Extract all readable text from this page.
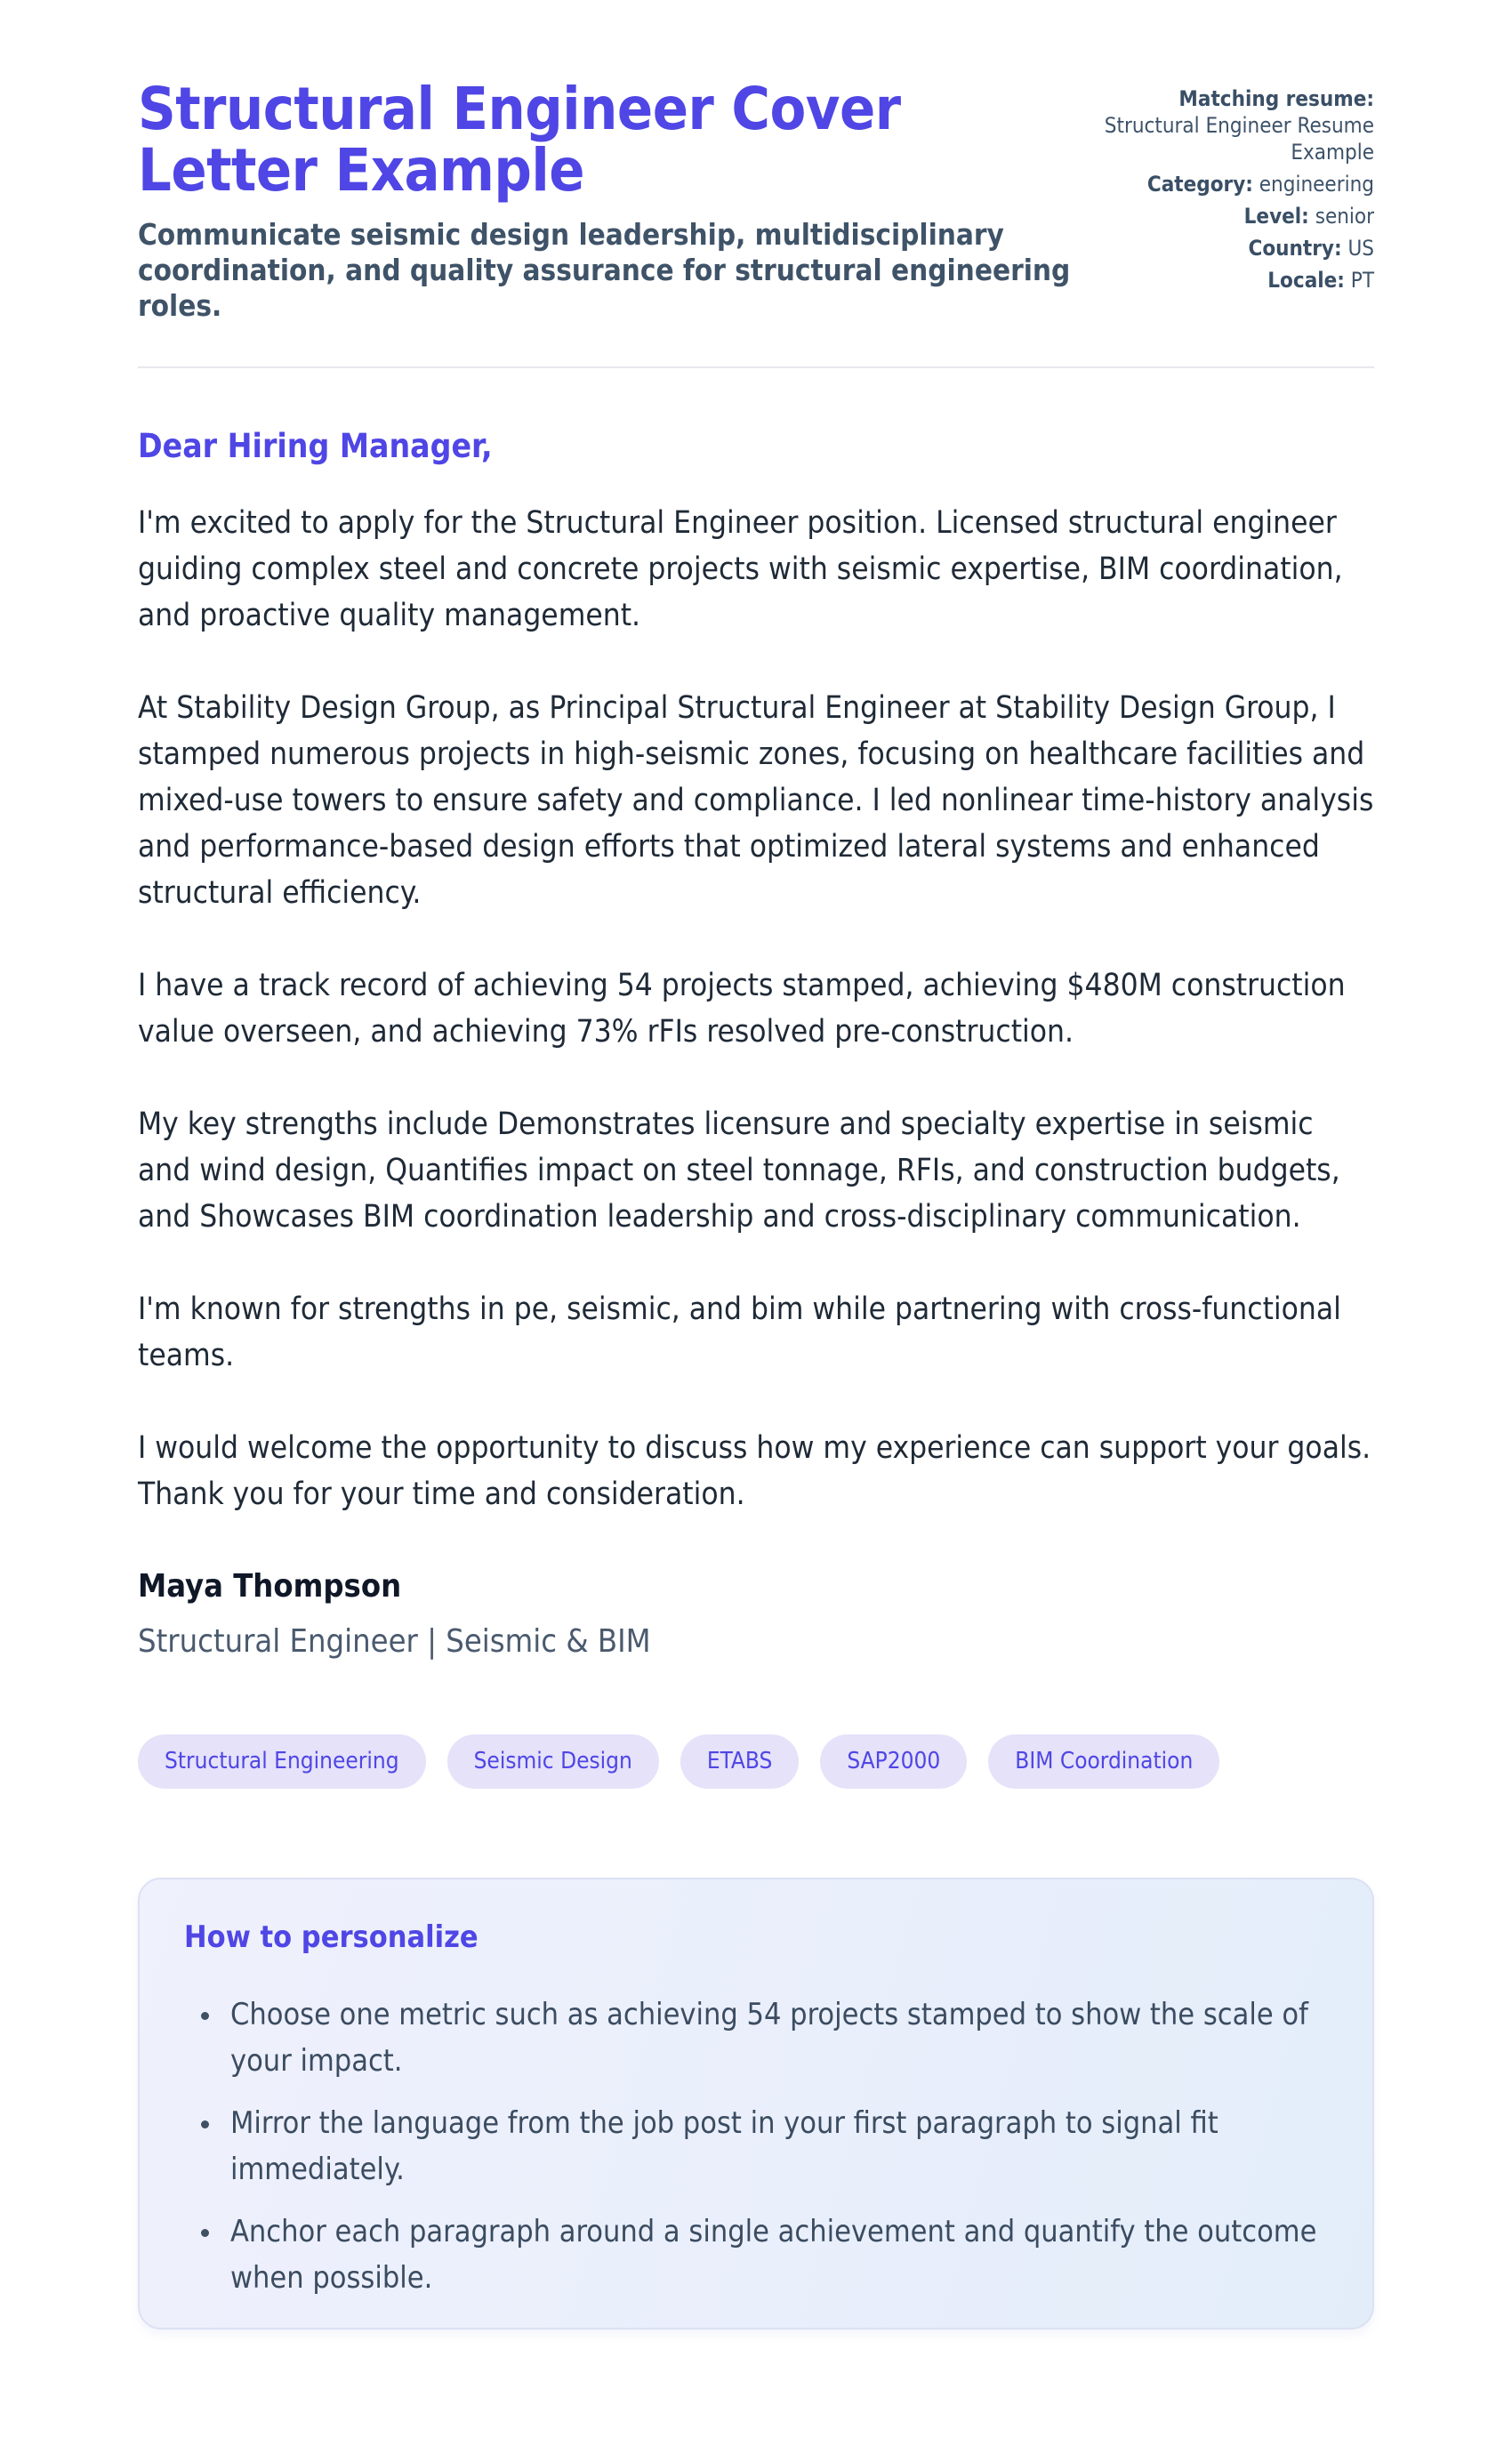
Structural Engineer Cover Letter Example

Communicate seismic design leadership, multidisciplinary coordination, and quality assurance for structural engineering roles.

Matching resume: Structural Engineer Resume Example
Category: engineering
Level: senior
Country: US
Locale: PT

Dear Hiring Manager,

I'm excited to apply for the Structural Engineer position. Licensed structural engineer guiding complex steel and concrete projects with seismic expertise, BIM coordination, and proactive quality management.

At Stability Design Group, as Principal Structural Engineer at Stability Design Group, I stamped numerous projects in high-seismic zones, focusing on healthcare facilities and mixed-use towers to ensure safety and compliance. I led nonlinear time-history analysis and performance-based design efforts that optimized lateral systems and enhanced structural efficiency.

I have a track record of achieving 54 projects stamped, achieving $480M construction value overseen, and achieving 73% rFIs resolved pre-construction.

My key strengths include Demonstrates licensure and specialty expertise in seismic and wind design, Quantifies impact on steel tonnage, RFIs, and construction budgets, and Showcases BIM coordination leadership and cross-disciplinary communication.

I'm known for strengths in pe, seismic, and bim while partnering with cross-functional teams.

I would welcome the opportunity to discuss how my experience can support your goals. Thank you for your time and consideration.

Maya Thompson

Structural Engineer | Seismic & BIM

Structural Engineering	Seismic Design	ETABS	SAP2000	BIM Coordination
How to personalize
• Choose one metric such as achieving 54 projects stamped to show the scale of your impact.
• Mirror the language from the job post in your first paragraph to signal fit immediately.
• Anchor each paragraph around a single achievement and quantify the outcome when possible.
